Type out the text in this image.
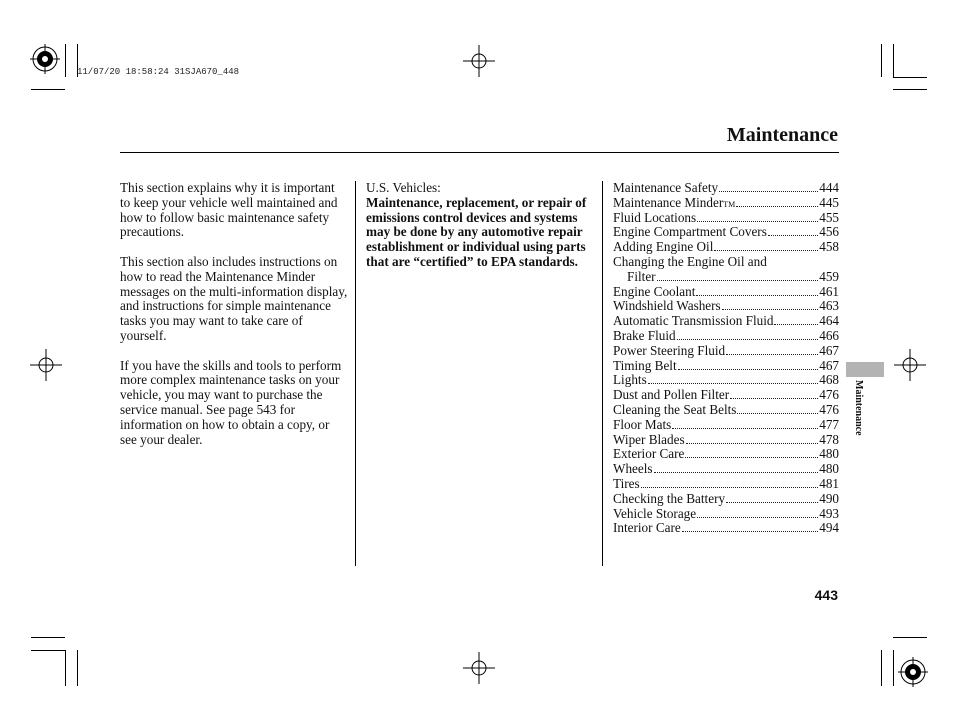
11/07/20 18:58:24 31SJA670_448
Maintenance

This section explains why it is important to keep your vehicle well maintained and how to follow basic maintenance safety precautions.

This section also includes instructions on how to read the Maintenance Minder messages on the multi-information display, and instructions for simple maintenance tasks you may want to take care of yourself.

If you have the skills and tools to perform more complex maintenance tasks on your vehicle, you may want to purchase the service manual. See page 543 for information on how to obtain a copy, or see your dealer.

U.S. Vehicles:
Maintenance, replacement, or repair of emissions control devices and systems may be done by any automotive repair establishment or individual using parts that are “certified” to EPA standards.
Maintenance Safety	444
Maintenance Minder TM	445
Fluid Locations	455
Engine Compartment Covers	456
Adding Engine Oil	458
Changing the Engine Oil and
Filter	459
Engine Coolant	461
Windshield Washers	463
Automatic Transmission Fluid	464
Brake Fluid	466
Power Steering Fluid	467
Timing Belt	467
Lights	468
Dust and Pollen Filter	476
Cleaning the Seat Belts	476
Floor Mats	477
Wiper Blades	478
Exterior Care	480
Wheels	480
Tires	481
Checking the Battery	490
Vehicle Storage	493
Interior Care	494
Maintenance
443
